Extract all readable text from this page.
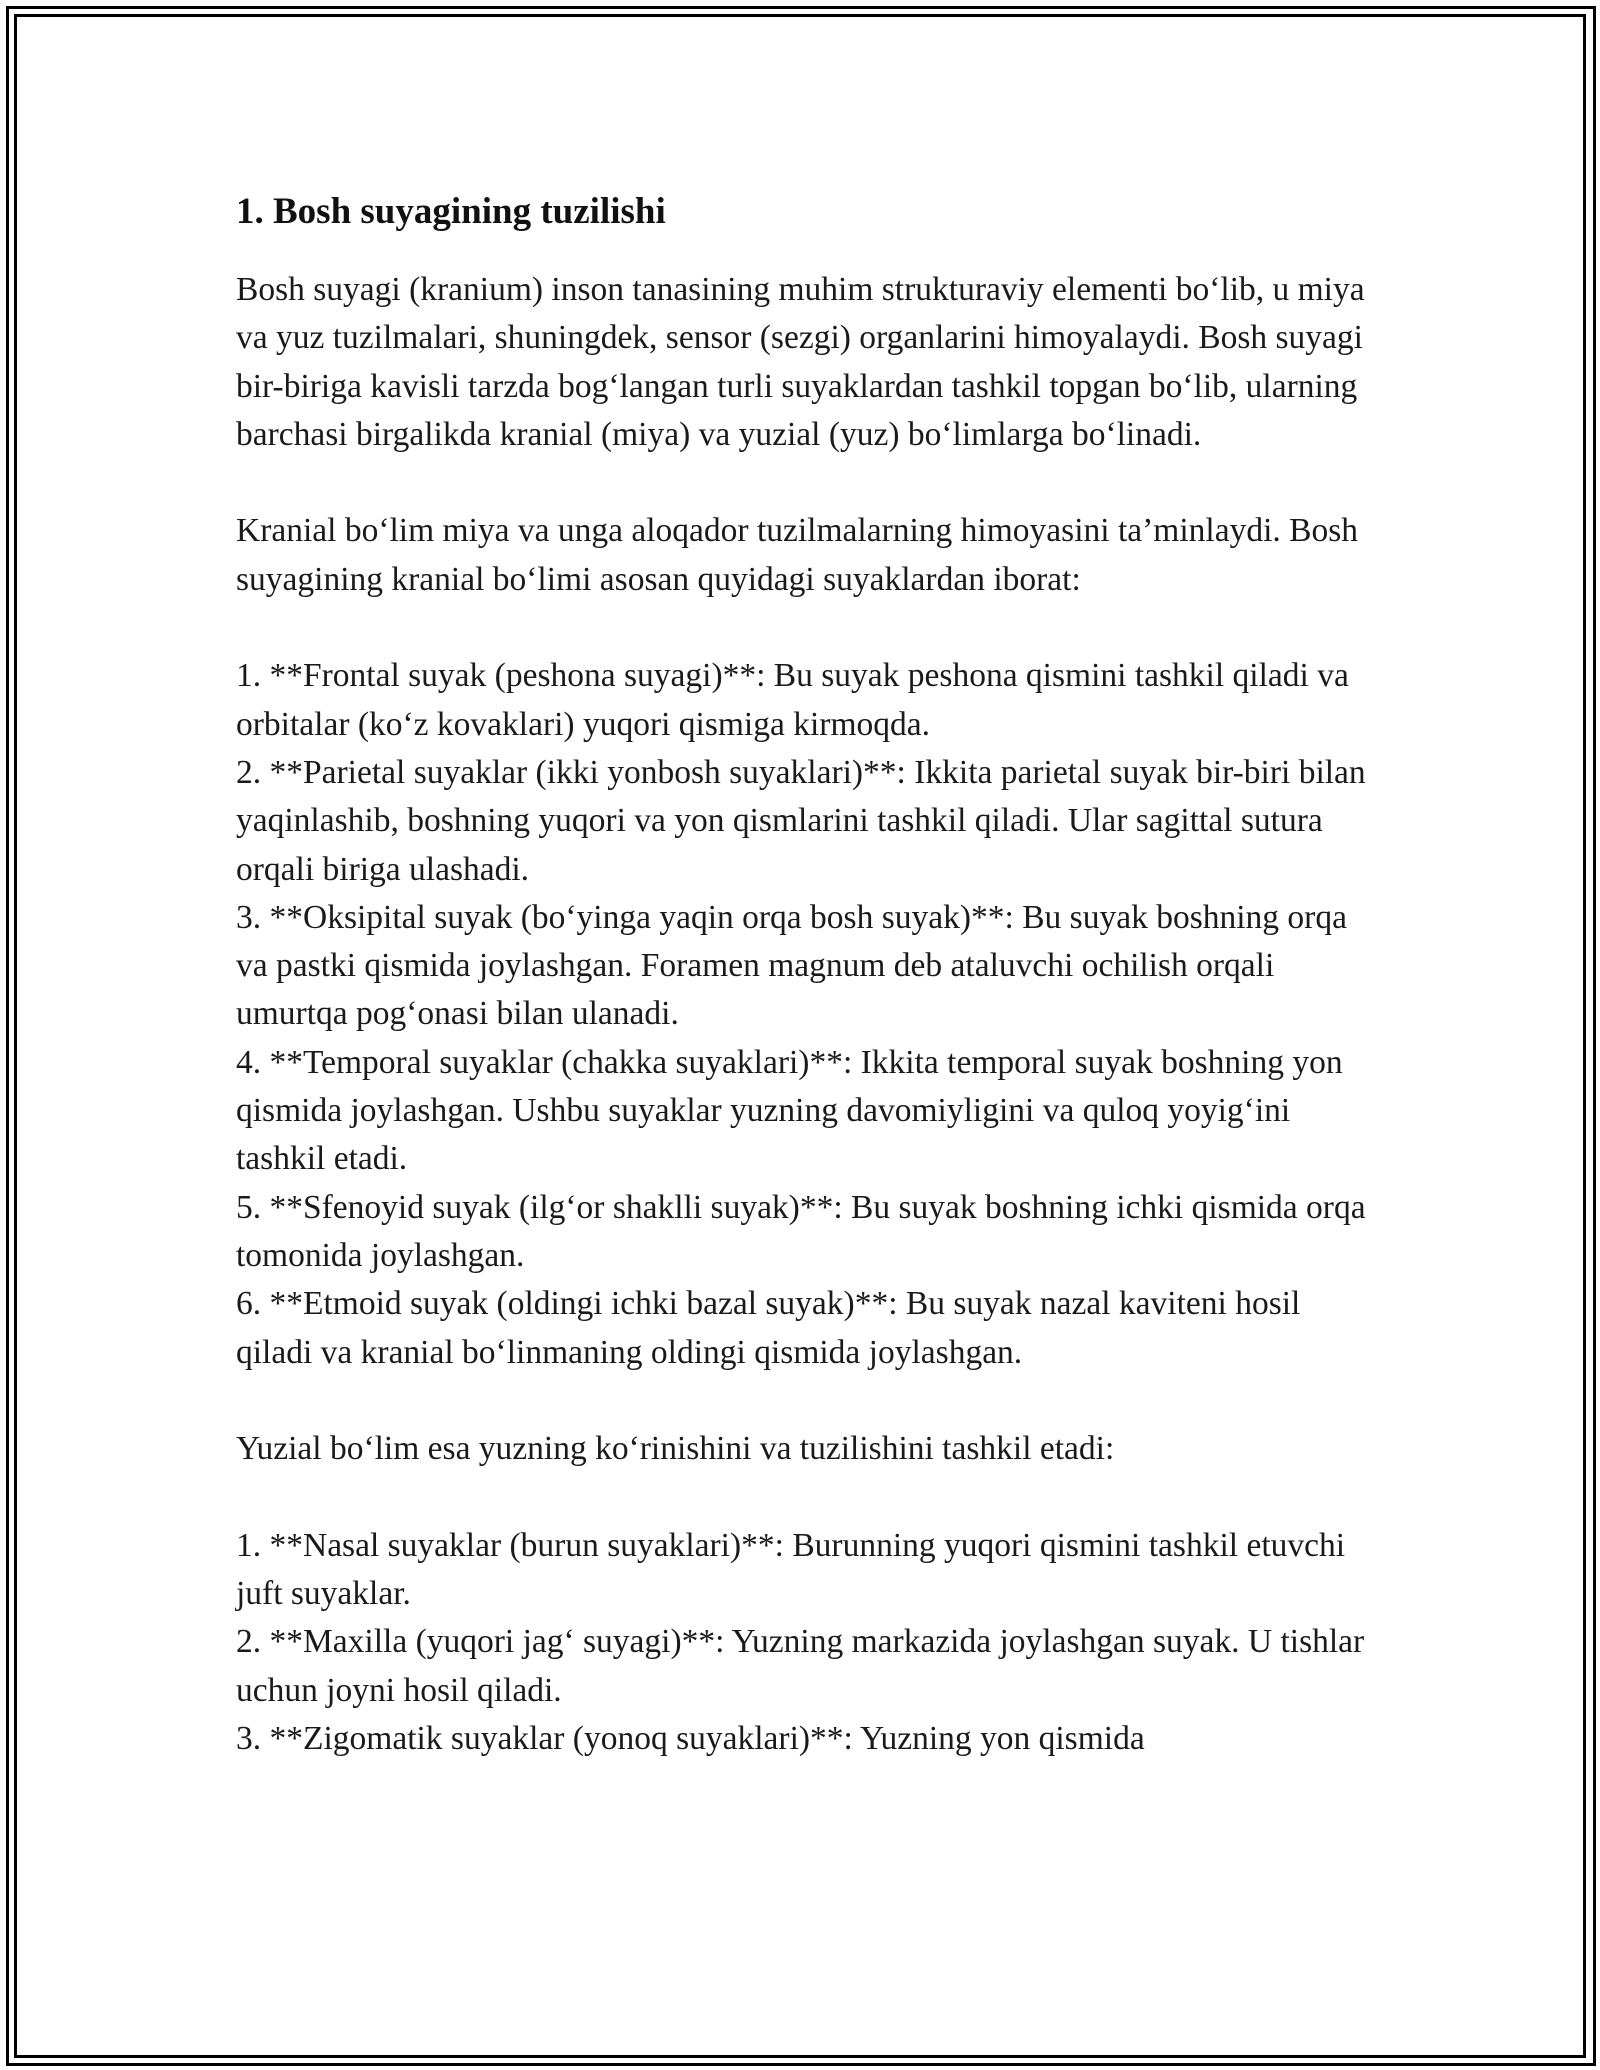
1. Bosh suyagining tuzilishi

Bosh suyagi (kranium) inson tanasining muhim strukturaviy elementi bo‘lib, u miya va yuz tuzilmalari, shuningdek, sensor (sezgi) organlarini himoyalaydi. Bosh suyagi bir-biriga kavisli tarzda bog‘langan turli suyaklardan tashkil topgan bo‘lib, ularning barchasi birgalikda kranial (miya) va yuzial (yuz) bo‘limlarga bo‘linadi.

Kranial bo‘lim miya va unga aloqador tuzilmalarning himoyasini ta’minlaydi. Bosh suyagining kranial bo‘limi asosan quyidagi suyaklardan iborat:

1. **Frontal suyak (peshona suyagi)**: Bu suyak peshona qismini tashkil qiladi va orbitalar (ko‘z kovaklari) yuqori qismiga kirmoqda.
2. **Parietal suyaklar (ikki yonbosh suyaklari)**: Ikkita parietal suyak bir-biri bilan yaqinlashib, boshning yuqori va yon qismlarini tashkil qiladi. Ular sagittal sutura orqali biriga ulashadi.
3. **Oksipital suyak (bo‘yinga yaqin orqa bosh suyak)**: Bu suyak boshning orqa va pastki qismida joylashgan. Foramen magnum deb ataluvchi ochilish orqali umurtqa pog‘onasi bilan ulanadi.
4. **Temporal suyaklar (chakka suyaklari)**: Ikkita temporal suyak boshning yon qismida joylashgan. Ushbu suyaklar yuzning davomiyligini va quloq yoyig‘ini tashkil etadi.
5. **Sfenoyid suyak (ilg‘or shaklli suyak)**: Bu suyak boshning ichki qismida orqa tomonida joylashgan.
6. **Etmoid suyak (oldingi ichki bazal suyak)**: Bu suyak nazal kaviteni hosil qiladi va kranial bo‘linmaning oldingi qismida joylashgan.

Yuzial bo‘lim esa yuzning ko‘rinishini va tuzilishini tashkil etadi:

1. **Nasal suyaklar (burun suyaklari)**: Burunning yuqori qismini tashkil etuvchi juft suyaklar.
2. **Maxilla (yuqori jag‘ suyagi)**: Yuzning markazida joylashgan suyak. U tishlar uchun joyni hosil qiladi.
3. **Zigomatik suyaklar (yonoq suyaklari)**: Yuzning yon qismida
